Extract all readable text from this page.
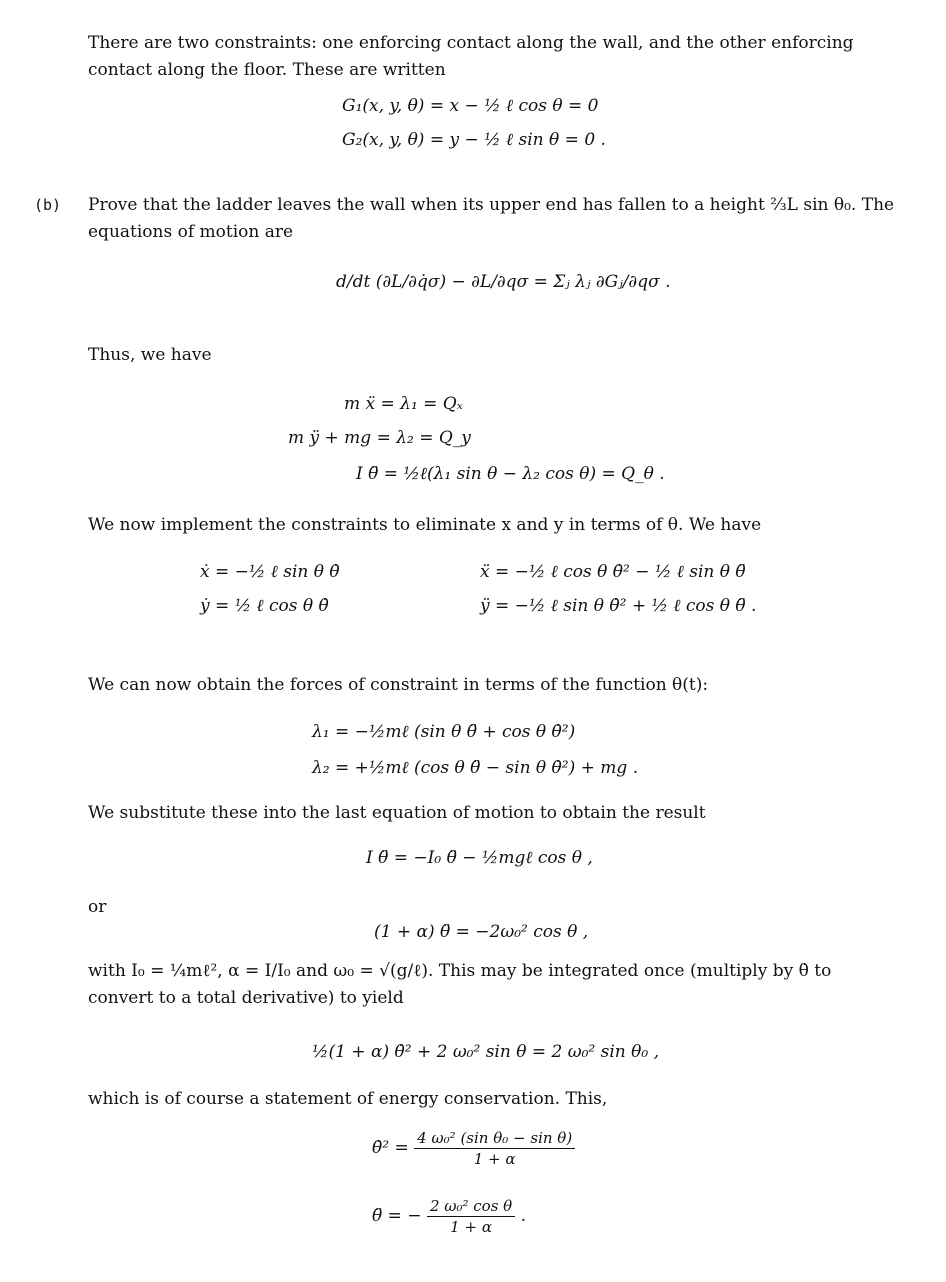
There are two constraints: one enforcing contact along the wall, and the other enforcing contact along the floor. These are written

G₁(x, y, θ) = x − ½ ℓ cos θ = 0

G₂(x, y, θ) = y − ½ ℓ sin θ = 0 .

(b) Prove that the ladder leaves the wall when its upper end has fallen to a height ⅔L sin θ₀. The equations of motion are

d/dt (∂L/∂q̇σ) − ∂L/∂qσ = Σⱼ λⱼ ∂Gⱼ/∂qσ .

Thus, we have

m ẍ = λ₁ = Qₓ

m ÿ + mg = λ₂ = Q_y

I θ̈ = ½ℓ(λ₁ sin θ − λ₂ cos θ) = Q_θ .

We now implement the constraints to eliminate x and y in terms of θ. We have

ẋ = −½ ℓ sin θ θ̇

ẏ = ½ ℓ cos θ θ̇

ẍ = −½ ℓ cos θ θ̇² − ½ ℓ sin θ θ̈

ÿ = −½ ℓ sin θ θ̇² + ½ ℓ cos θ θ̈ .

We can now obtain the forces of constraint in terms of the function θ(t):

λ₁ = −½mℓ (sin θ θ̈ + cos θ θ̇²)

λ₂ = +½mℓ (cos θ θ̈ − sin θ θ̇²) + mg .

We substitute these into the last equation of motion to obtain the result

I θ̈ = −I₀ θ̈ − ½mgℓ cos θ ,

or

(1 + α) θ̈ = −2ω₀² cos θ ,

with I₀ = ¼mℓ², α = I/I₀ and ω₀ = √(g/ℓ). This may be integrated once (multiply by θ̇ to convert to a total derivative) to yield

½(1 + α) θ̇² + 2 ω₀² sin θ = 2 ω₀² sin θ₀ ,

which is of course a statement of energy conservation. This,

θ̇² = $\frac{\text{4 ω₀² (sin θ₀ − sin θ)}}{1 + \alpha}$
θ̈ = − $\frac{\text{2 ω₀² cos θ}}{1 + \alpha}$ .
